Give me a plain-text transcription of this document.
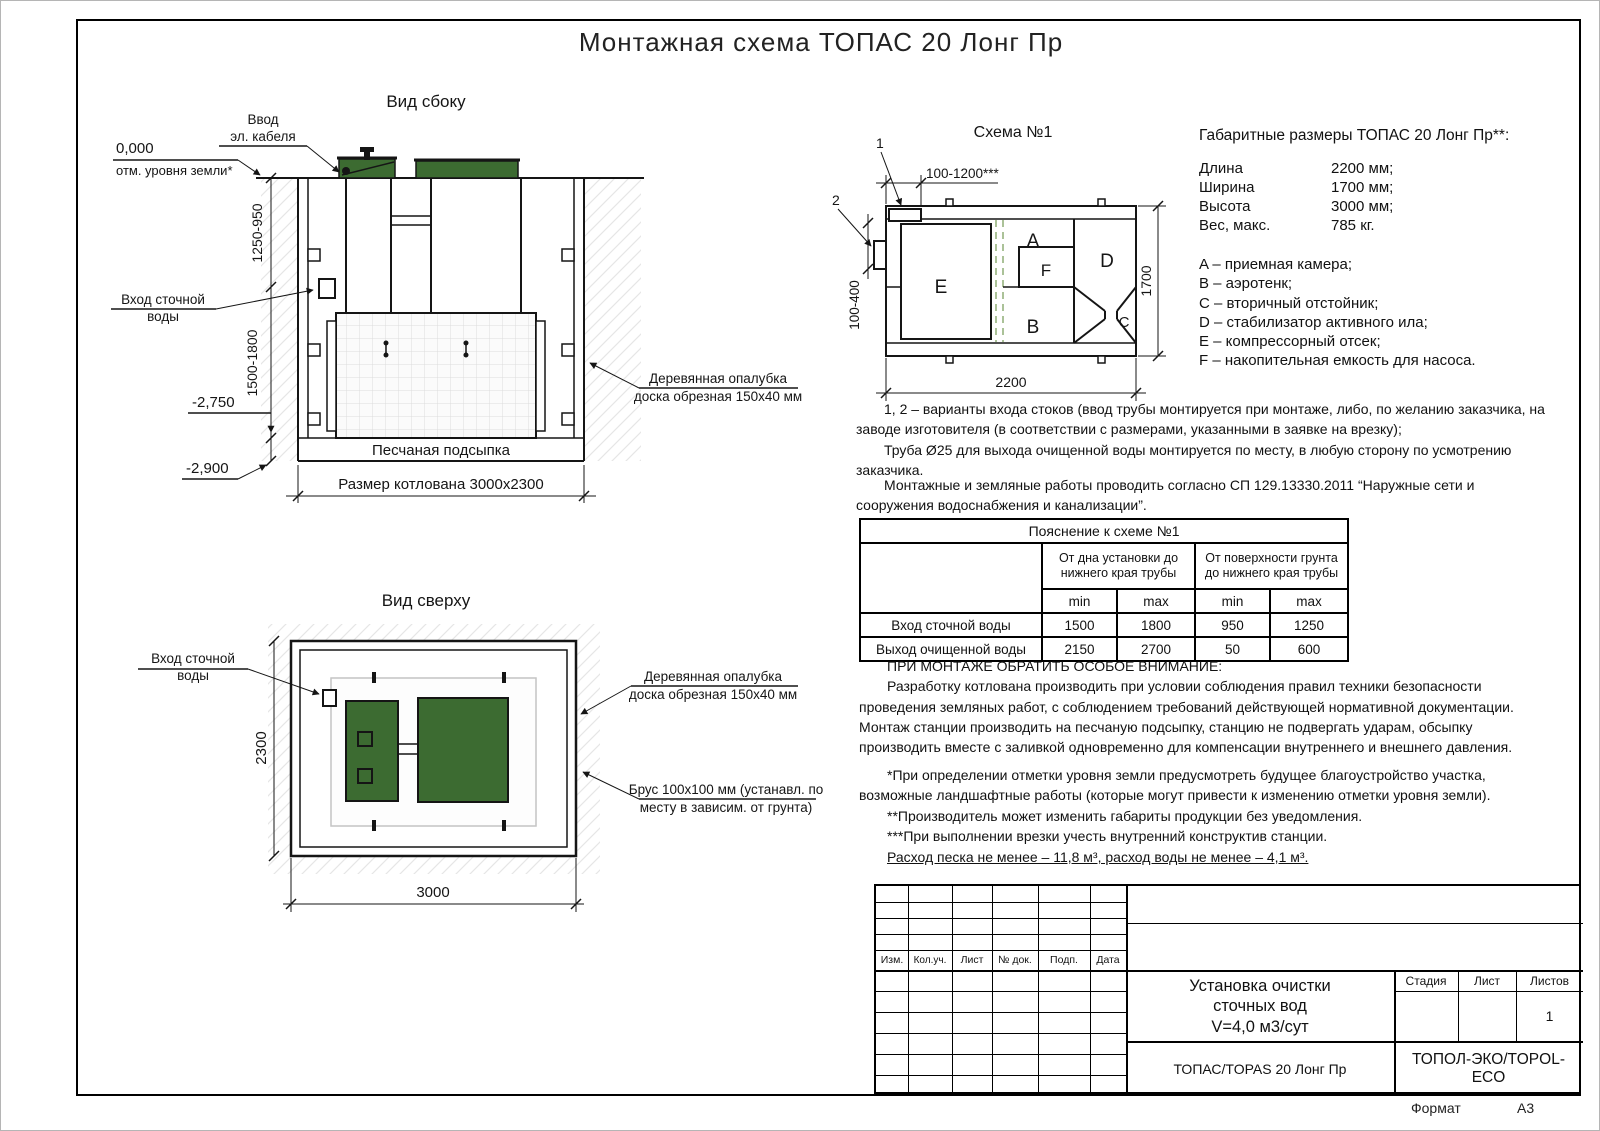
Монтажная схема ТОПАС 20 Лонг Пр
Вид сбоку
Песчаная подсыпка
1250-950
1500-1800
Размер котлована 3000х2300
0,000
отм. уровня земли*
-2,750
-2,900
Ввод
эл. кабеля
Вход сточной
воды
Деревянная опалубка
доска обрезная 150х40 мм
Вид сверху
Вход сточной
воды
2300
3000
Деревянная опалубка
доска обрезная 150х40 мм
Брус 100х100 мм (устанавл. по
месту в зависим. от грунта)
Схема №1
E
A
F
B
D
C
1
2
100-1200***
100-400	1700
2200
Габаритные размеры ТОПАС 20 Лонг Пр**:
Длина	2200 мм;
Ширина	1700 мм;
Высота	3000 мм;
Вес, макс.	785 кг.
A – приемная камера;
B – аэротенк;
C – вторичный отстойник;
D – стабилизатор активного ила;
E – компрессорный отсек;
F – накопительная емкость для насоса.

1, 2 – варианты входа стоков (ввод трубы монтируется при монтаже, либо, по желанию заказчика, на заводе изготовителя (в соответствии с размерами, указанными в заявке на врезку);

Труба Ø25 для выхода очищенной воды монтируется по месту, в любую сторону по усмотрению заказчика.

Монтажные и земляные работы проводить согласно СП 129.13330.2011 “Наружные сети и сооружения водоснабжения и канализации”.

Пояснение к схеме №1				
	От дна установки до нижнего края трубы		От поверхности грунта до нижнего края трубы	
	min	max	min	max
Вход сточной воды	1500	1800	950	1250
Выход очищенной воды	2150	2700	50	600

ПРИ МОНТАЖЕ ОБРАТИТЬ ОСОБОЕ ВНИМАНИЕ:

Разработку котлована производить при условии соблюдения правил техники безопасности проведения земляных работ, с соблюдением требований действующей нормативной документации. Монтаж станции производить на песчаную подсыпку, станцию не подвергать ударам, обсыпку производить вместе с заливкой одновременно для компенсации внутреннего и внешнего давления.

*При определении отметки уровня земли предусмотреть будущее благоустройство участка, возможные ландшафтные работы (которые могут привести к изменению отметки уровня земли).

**Производитель может изменить габариты продукции без уведомления.

***При выполнении врезки учесть внутренний конструктив станции.

Расход песка не менее – 11,8 м³, расход воды не менее – 4,1 м³.

Изм.	Кол.уч.	Лист	№ док.	Подп.	Дата
Установка очистки
сточных вод
V=4,0 м3/сут
Стадия	Лист	Листов
1
ТОПАС/TOPAS 20 Лонг Пр
ТОПОЛ-ЭКО/TOPOL-ECO
Формат	А3
